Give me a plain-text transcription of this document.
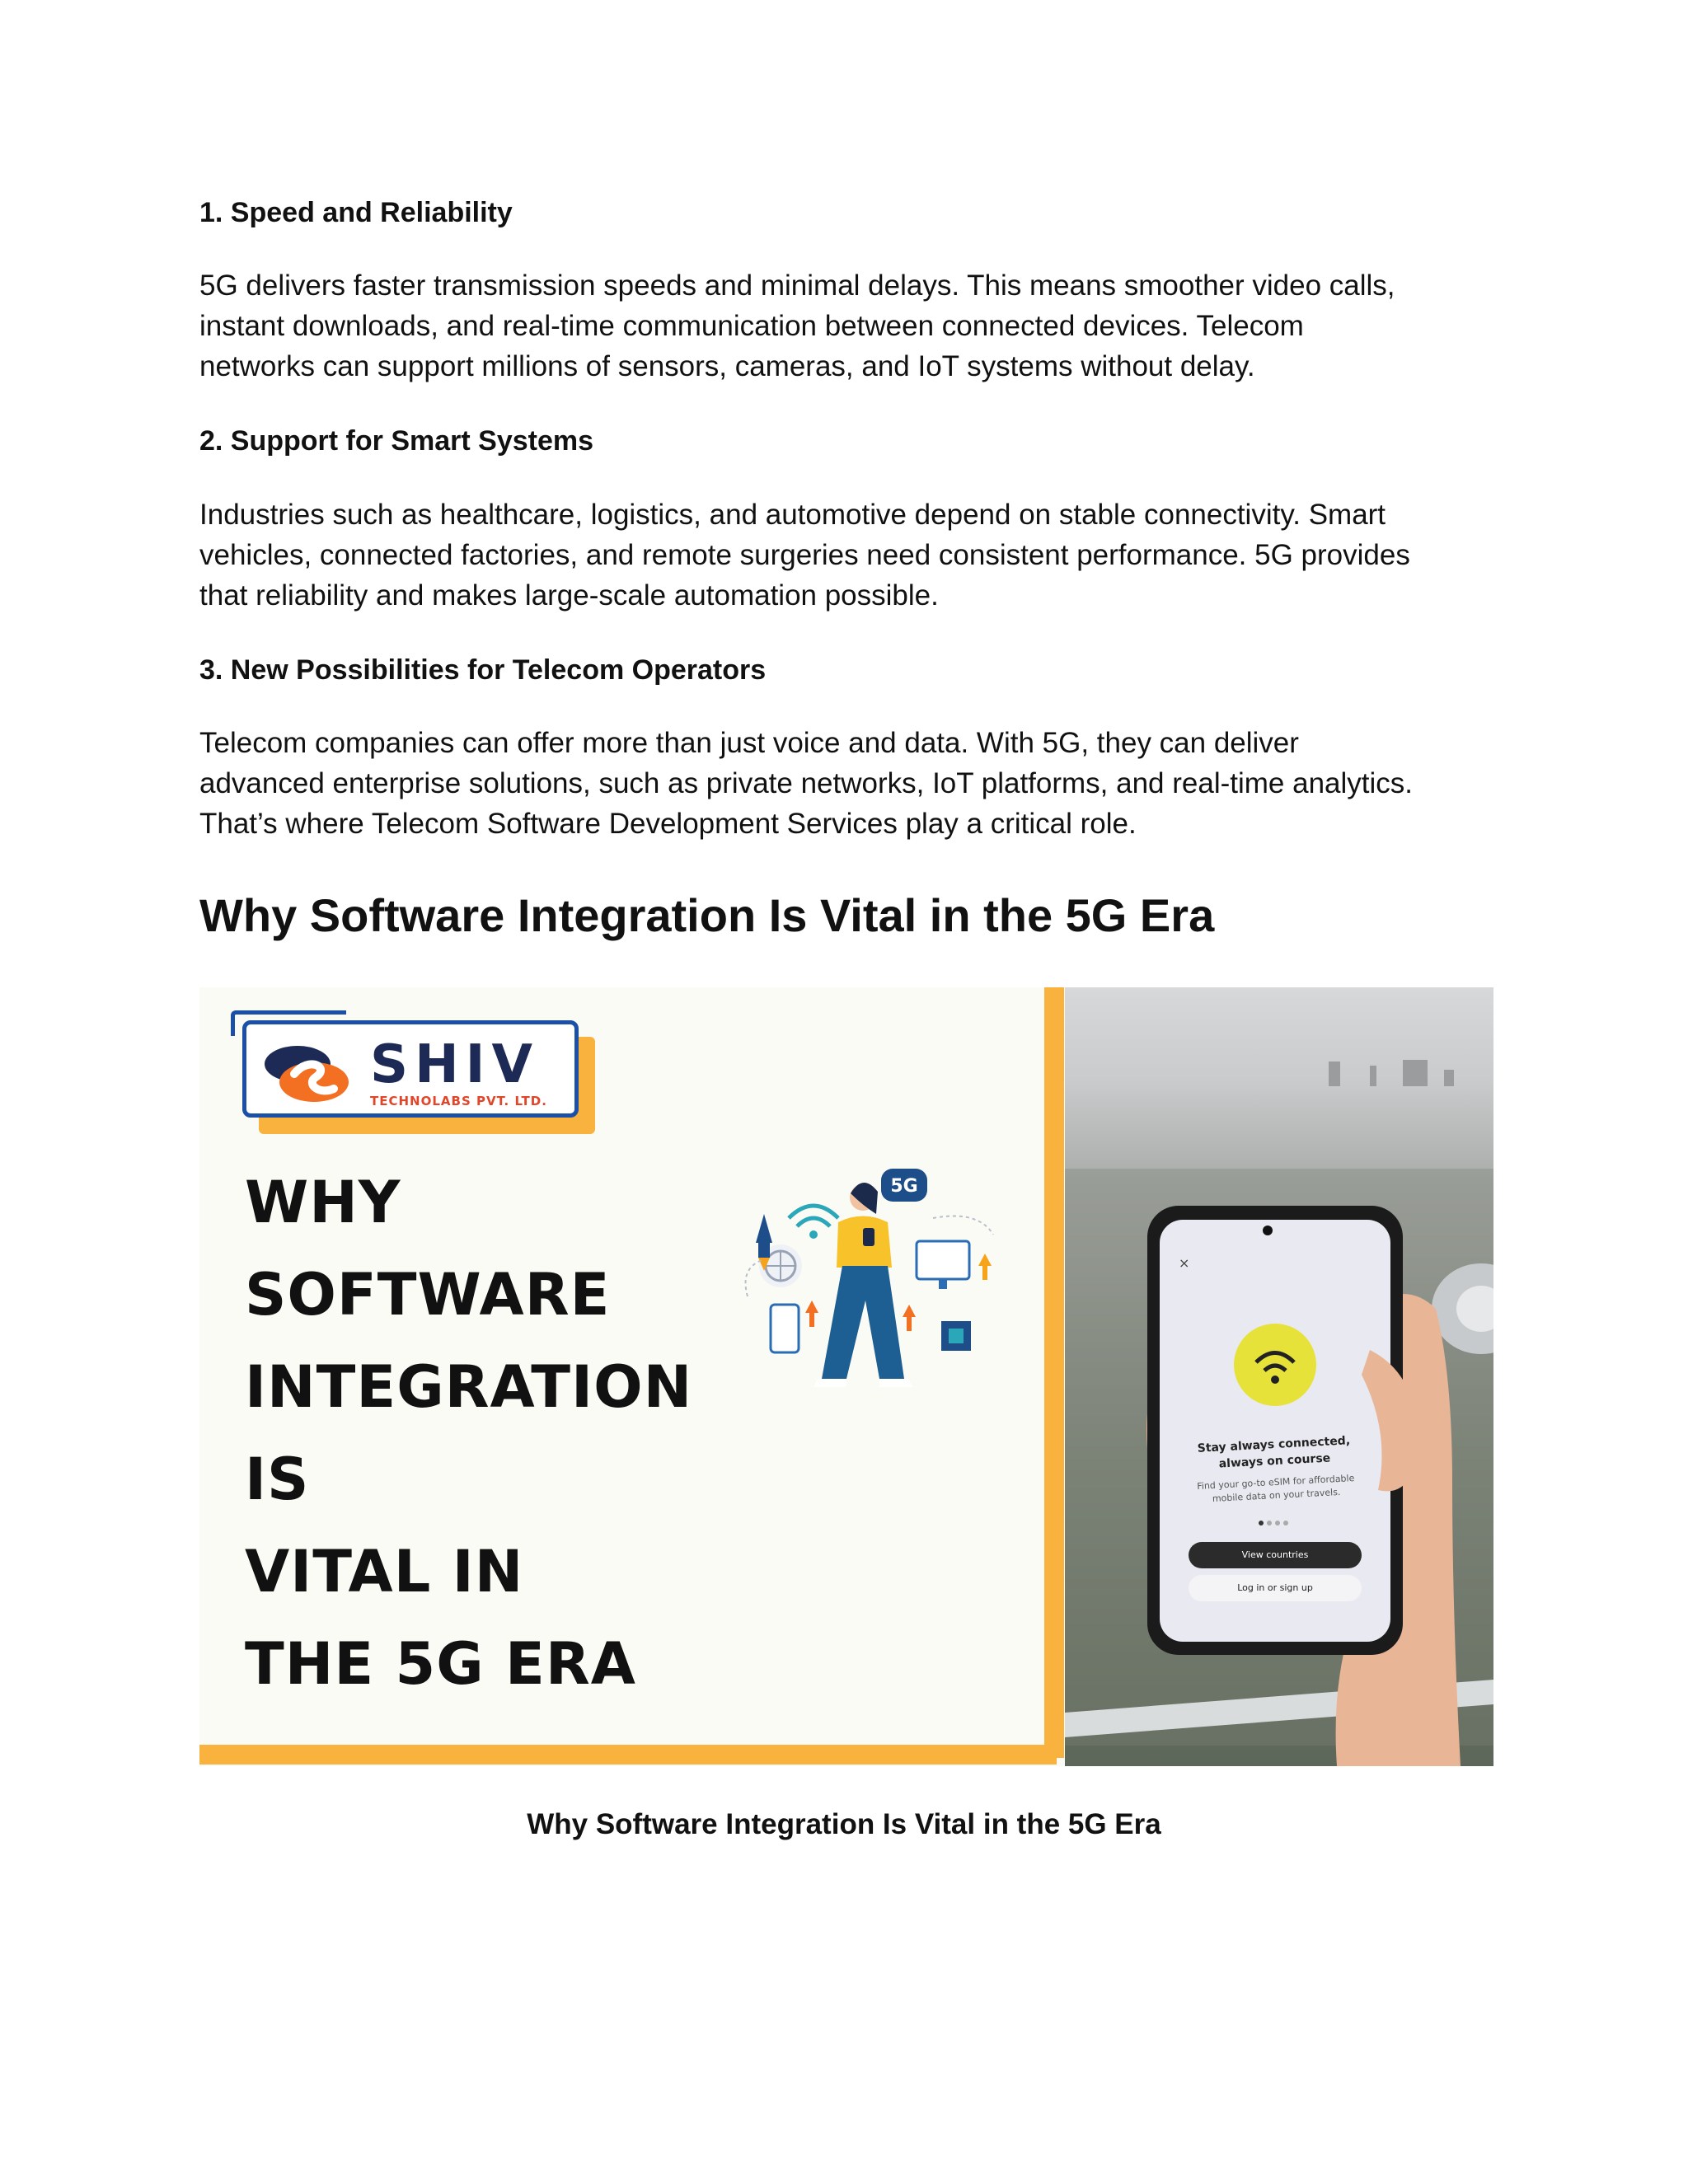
1. Speed and Reliability
5G delivers faster transmission speeds and minimal delays. This means smoother video calls,
instant downloads, and real-time communication between connected devices. Telecom
networks can support millions of sensors, cameras, and IoT systems without delay.
2. Support for Smart Systems
Industries such as healthcare, logistics, and automotive depend on stable connectivity. Smart
vehicles, connected factories, and remote surgeries need consistent performance. 5G provides
that reliability and makes large-scale automation possible.
3. New Possibilities for Telecom Operators
Telecom companies can offer more than just voice and data. With 5G, they can deliver
advanced enterprise solutions, such as private networks, IoT platforms, and real-time analytics.
That’s where Telecom Software Development Services play a critical role.
Why Software Integration Is Vital in the 5G Era
SHIV
TECHNOLABS PVT. LTD.
WHY
SOFTWARE
INTEGRATION
IS
VITAL IN
THE 5G ERA
5G
×
Stay always connected,
always on course
Find your go-to eSIM for affordable
mobile data on your travels.
View countries
Log in or sign up
Why Software Integration Is Vital in the 5G Era
